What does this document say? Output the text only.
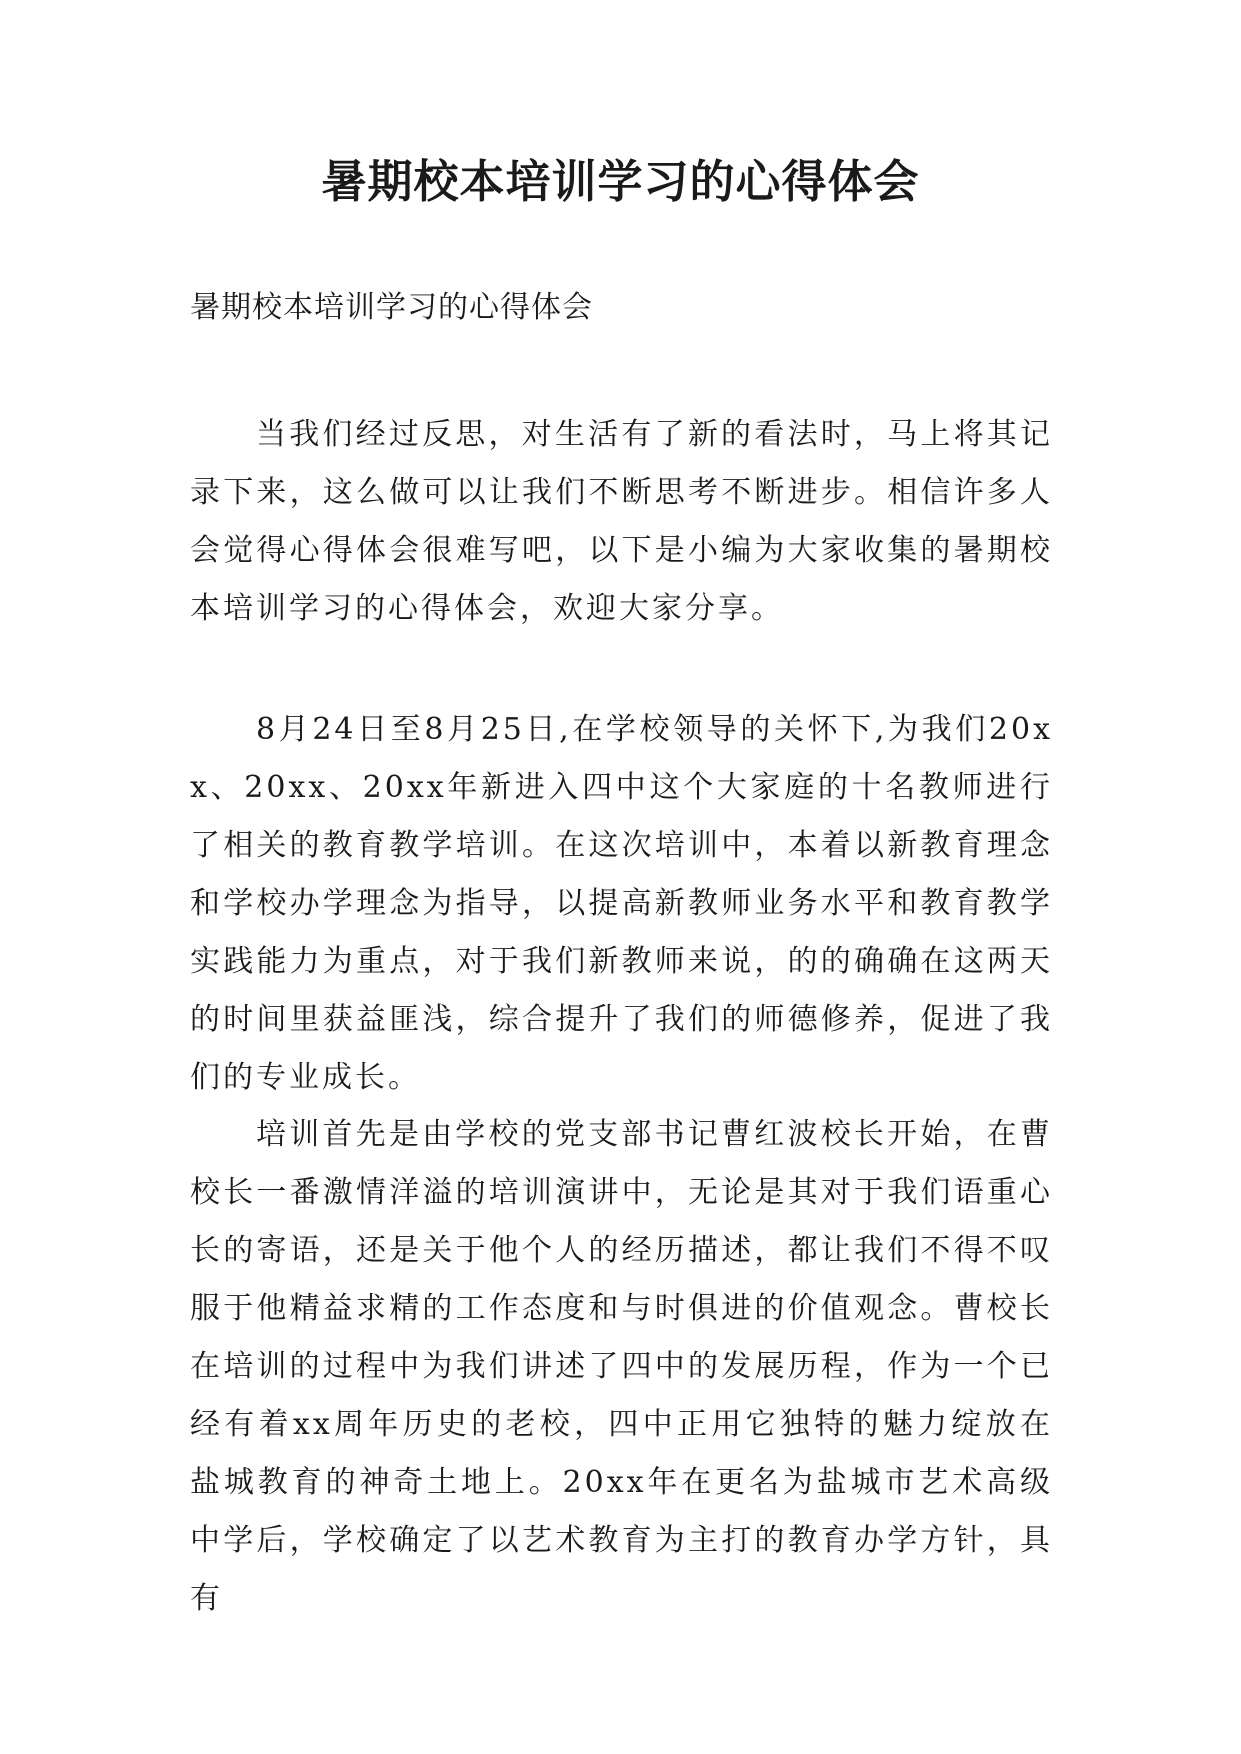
暑期校本培训学习的心得体会

暑期校本培训学习的心得体会

当我们经过反思，对生活有了新的看法时，马上将其记录下来，这么做可以让我们不断思考不断进步。相信许多人会觉得心得体会很难写吧，以下是小编为大家收集的暑期校本培训学习的心得体会，欢迎大家分享。

8月24日至8月25日,在学校领导的关怀下,为我们20xx、20xx、20xx年新进入四中这个大家庭的十名教师进行了相关的教育教学培训。在这次培训中，本着以新教育理念和学校办学理念为指导，以提高新教师业务水平和教育教学实践能力为重点，对于我们新教师来说，的的确确在这两天的时间里获益匪浅，综合提升了我们的师德修养，促进了我们的专业成长。

培训首先是由学校的党支部书记曹红波校长开始，在曹校长一番激情洋溢的培训演讲中，无论是其对于我们语重心长的寄语，还是关于他个人的经历描述，都让我们不得不叹服于他精益求精的工作态度和与时俱进的价值观念。曹校长在培训的过程中为我们讲述了四中的发展历程，作为一个已经有着xx周年历史的老校，四中正用它独特的魅力绽放在盐城教育的神奇土地上。20xx年在更名为盐城市艺术高级中学后，学校确定了以艺术教育为主打的教育办学方针，具有
